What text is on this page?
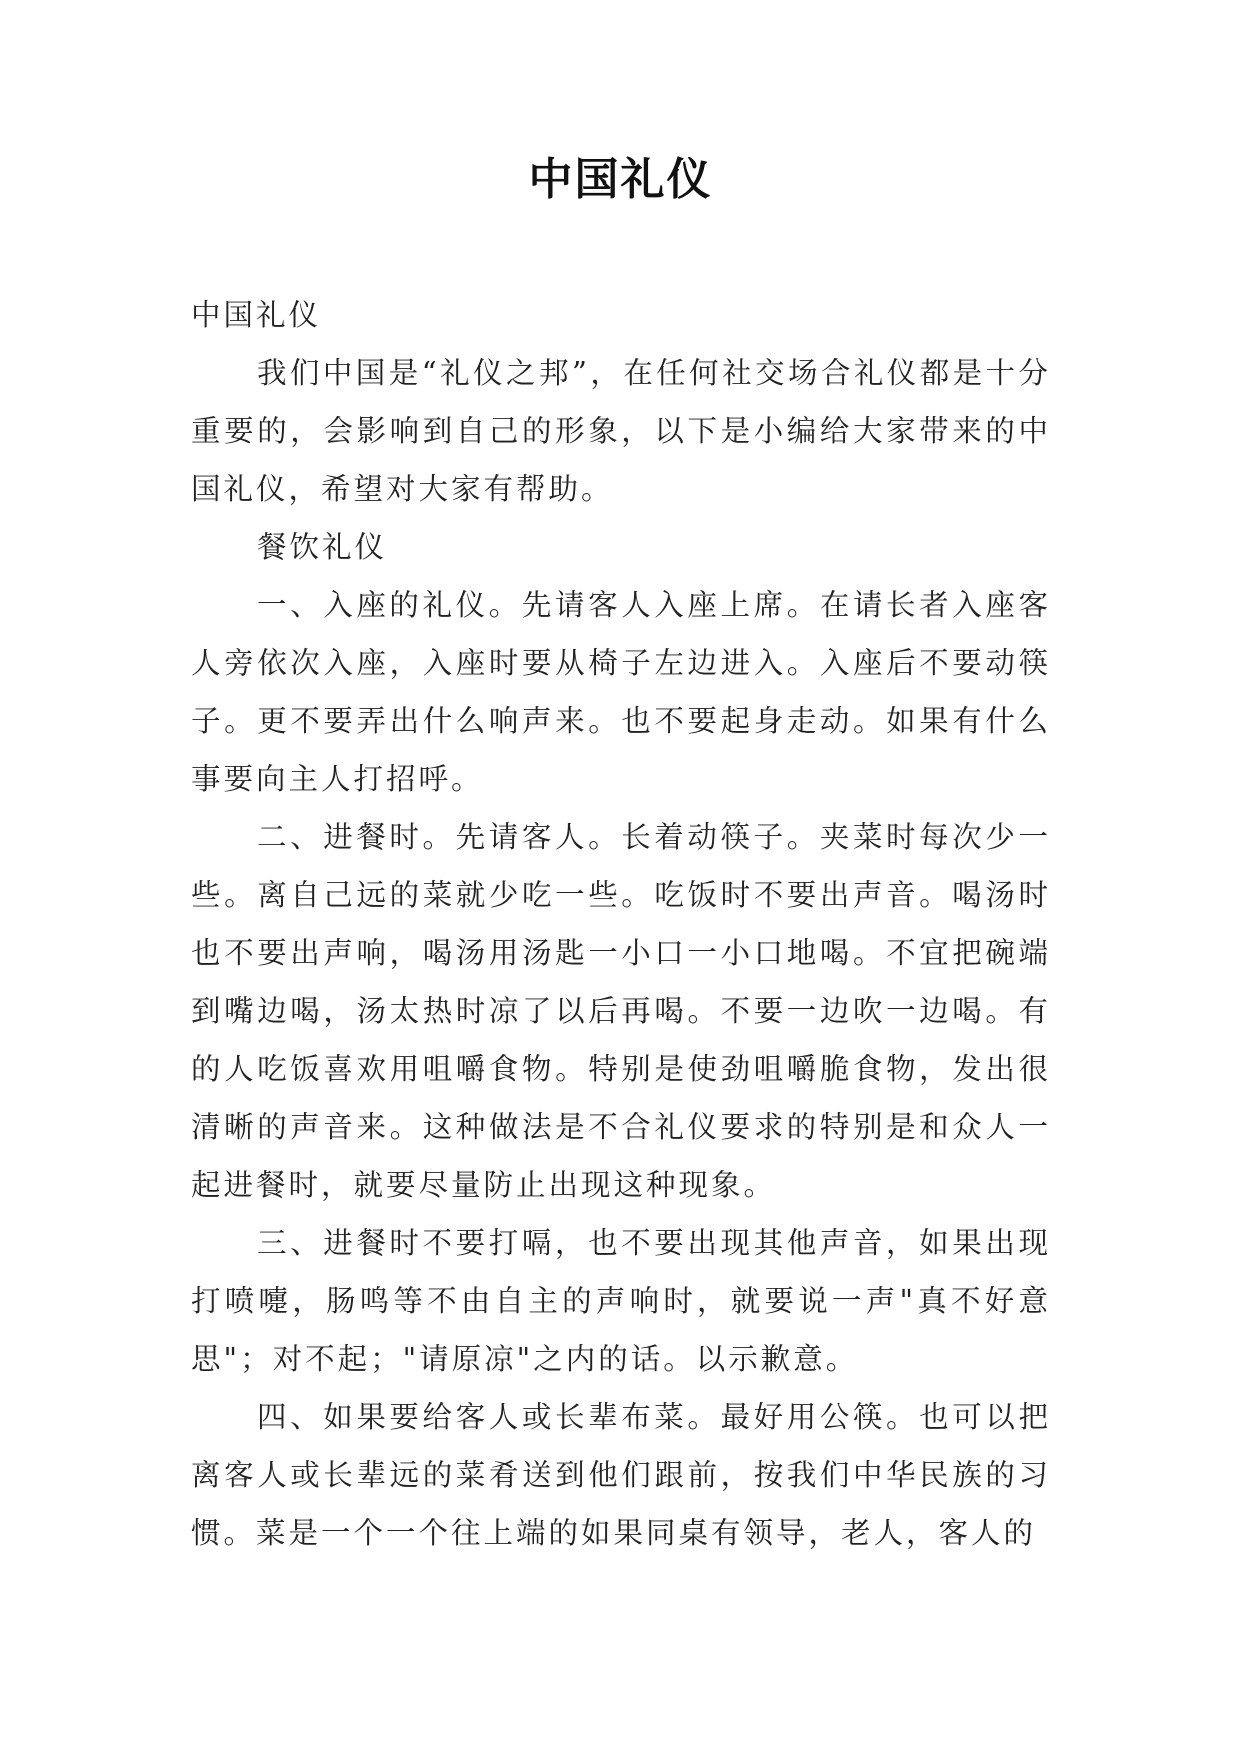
中国礼仪

中国礼仪

我们中国是“礼仪之邦”，在任何社交场合礼仪都是十分重要的，会影响到自己的形象，以下是小编给大家带来的中国礼仪，希望对大家有帮助。

餐饮礼仪

一、入座的礼仪。先请客人入座上席。在请长者入座客人旁依次入座，入座时要从椅子左边进入。入座后不要动筷子。更不要弄出什么响声来。也不要起身走动。如果有什么事要向主人打招呼。

二、进餐时。先请客人。长着动筷子。夹菜时每次少一些。离自己远的菜就少吃一些。吃饭时不要出声音。喝汤时也不要出声响，喝汤用汤匙一小口一小口地喝。不宜把碗端到嘴边喝，汤太热时凉了以后再喝。不要一边吹一边喝。有的人吃饭喜欢用咀嚼食物。特别是使劲咀嚼脆食物，发出很清晰的声音来。这种做法是不合礼仪要求的特别是和众人一起进餐时，就要尽量防止出现这种现象。

三、进餐时不要打嗝，也不要出现其他声音，如果出现打喷嚏，肠鸣等不由自主的声响时，就要说一声"真不好意思"；对不起；"请原凉"之内的话。以示歉意。

四、如果要给客人或长辈布菜。最好用公筷。也可以把离客人或长辈远的菜肴送到他们跟前，按我们中华民族的习惯。菜是一个一个往上端的如果同桌有领导，老人，客人的
